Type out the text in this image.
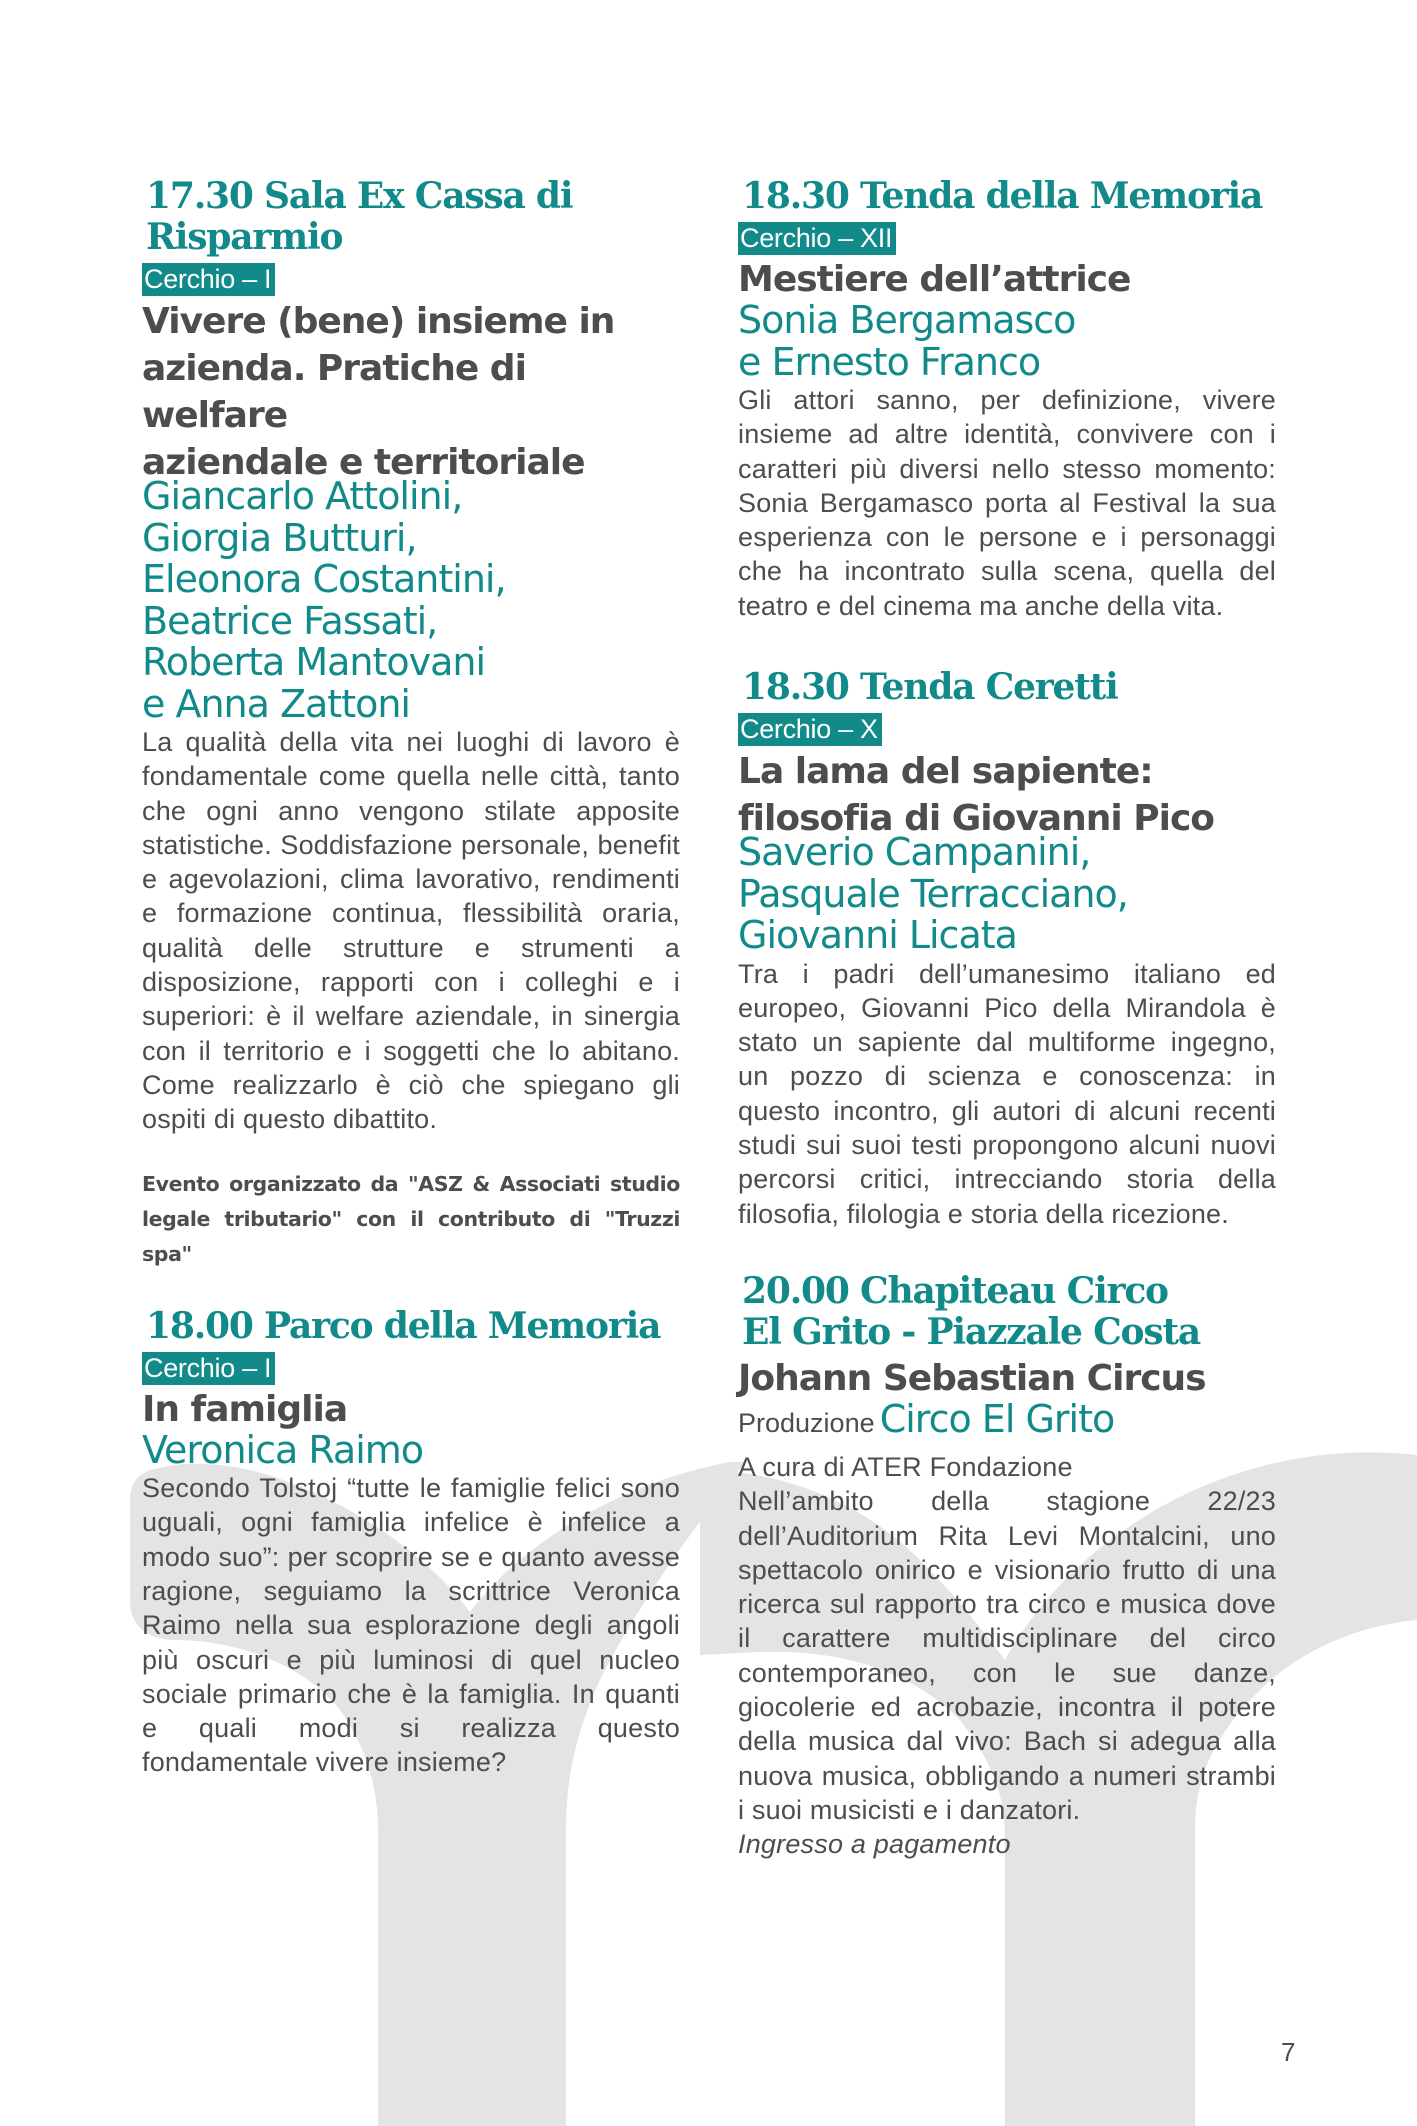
17.30 Sala Ex Cassa di
Risparmio
Cerchio – I
Vivere (bene) insieme in
azienda. Pratiche di welfare
aziendale e territoriale

Giancarlo Attolini,
Giorgia Butturi,
Eleonora Costantini,
Beatrice Fassati,
Roberta Mantovani
e Anna Zattoni

La qualità della vita nei luoghi di lavoro è fondamentale come quella nelle città, tanto che ogni anno vengono stilate apposite statistiche. Soddisfazione personale, benefit e agevolazioni, clima lavorativo, rendimenti e formazione continua, flessibilità oraria, qualità delle strutture e strumenti a disposizione, rapporti con i colleghi e i superiori: è il welfare aziendale, in sinergia con il territorio e i soggetti che lo abitano. Come realizzarlo è ciò che spiegano gli ospiti di questo dibattito.

Evento organizzato da "ASZ & Associati studio legale tributario" con il contributo di "Truzzi spa"

18.00 Parco della Memoria
Cerchio – I
In famiglia

Veronica Raimo

Secondo Tolstoj “tutte le famiglie felici sono uguali, ogni famiglia infelice è infelice a modo suo”: per scoprire se e quanto avesse ragione, seguiamo la scrittrice Veronica Raimo nella sua esplorazione degli angoli più oscuri e più luminosi di quel nucleo sociale primario che è la famiglia. In quanti e quali modi si realizza questo fondamentale vivere insieme?

18.30 Tenda della Memoria
Cerchio – XII
Mestiere dell’attrice

Sonia Bergamasco
e Ernesto Franco

Gli attori sanno, per definizione, vivere insieme ad altre identità, convivere con i caratteri più diversi nello stesso momento: Sonia Bergamasco porta al Festival la sua esperienza con le persone e i personaggi che ha incontrato sulla scena, quella del teatro e del cinema ma anche della vita.

18.30 Tenda Ceretti
Cerchio – X
La lama del sapiente:
filosofia di Giovanni Pico

Saverio Campanini,
Pasquale Terracciano,
Giovanni Licata

Tra i padri dell’umanesimo italiano ed europeo, Giovanni Pico della Mirandola è stato un sapiente dal multiforme ingegno, un pozzo di scienza e conoscenza: in questo incontro, gli autori di alcuni recenti studi sui suoi testi propongono alcuni nuovi percorsi critici, intrecciando storia della filosofia, filologia e storia della ricezione.

20.00 Chapiteau Circo
El Grito - Piazzale Costa
Johann Sebastian Circus

Produzione Circo El Grito

A cura di ATER Fondazione

Nell’ambito della stagione 22/23 dell’Auditorium Rita Levi Montalcini, uno spettacolo onirico e visionario frutto di una ricerca sul rapporto tra circo e musica dove il carattere multidisciplinare del circo contemporaneo, con le sue danze, giocolerie ed acrobazie, incontra il potere della musica dal vivo: Bach si adegua alla nuova musica, obbligando a numeri strambi i suoi musicisti e i danzatori.

Ingresso a pagamento

7
